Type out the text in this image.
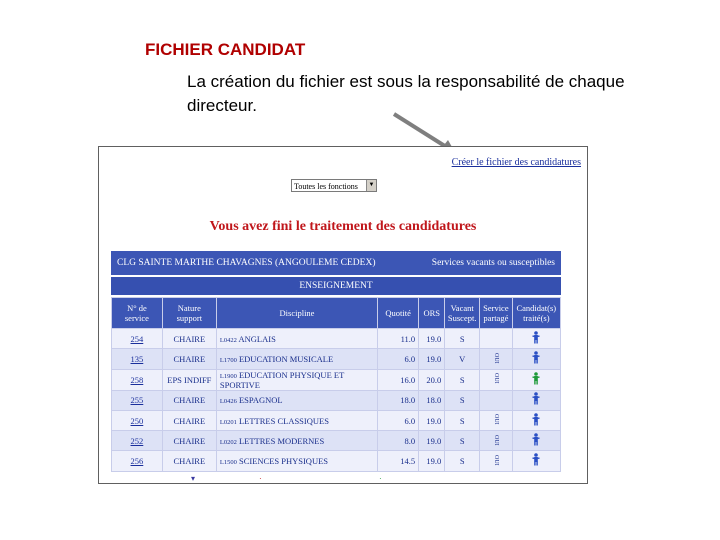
FICHIER CANDIDAT
La création du fichier est sous la responsabilité de chaque directeur.
Créer le fichier des candidatures
Toutes les fonctions	▼
Vous avez fini le traitement des candidatures
CLG SAINTE MARTHE CHAVAGNES (ANGOULEME CEDEX)	Services vacants ou susceptibles
ENSEIGNEMENT
N° de service	Nature support	Discipline	Quotité	ORS	Vacant Suscept.	Service partagé	Candidat(s) traité(s)
254	CHAIRE	L0422 ANGLAIS	11.0	19.0	S		
135	CHAIRE	L1700 EDUCATION MUSICALE	6.0	19.0	V	OUI	
258	EPS INDIFF	L1900 EDUCATION PHYSIQUE ET SPORTIVE	16.0	20.0	S	OUI	
255	CHAIRE	L0426 ESPAGNOL	18.0	18.0	S		
250	CHAIRE	L0201 LETTRES CLASSIQUES	6.0	19.0	S	OUI	
252	CHAIRE	L0202 LETTRES MODERNES	8.0	19.0	S	OUI	
256	CHAIRE	L1500 SCIENCES PHYSIQUES	14.5	19.0	S	OUI	
▾	·	·
